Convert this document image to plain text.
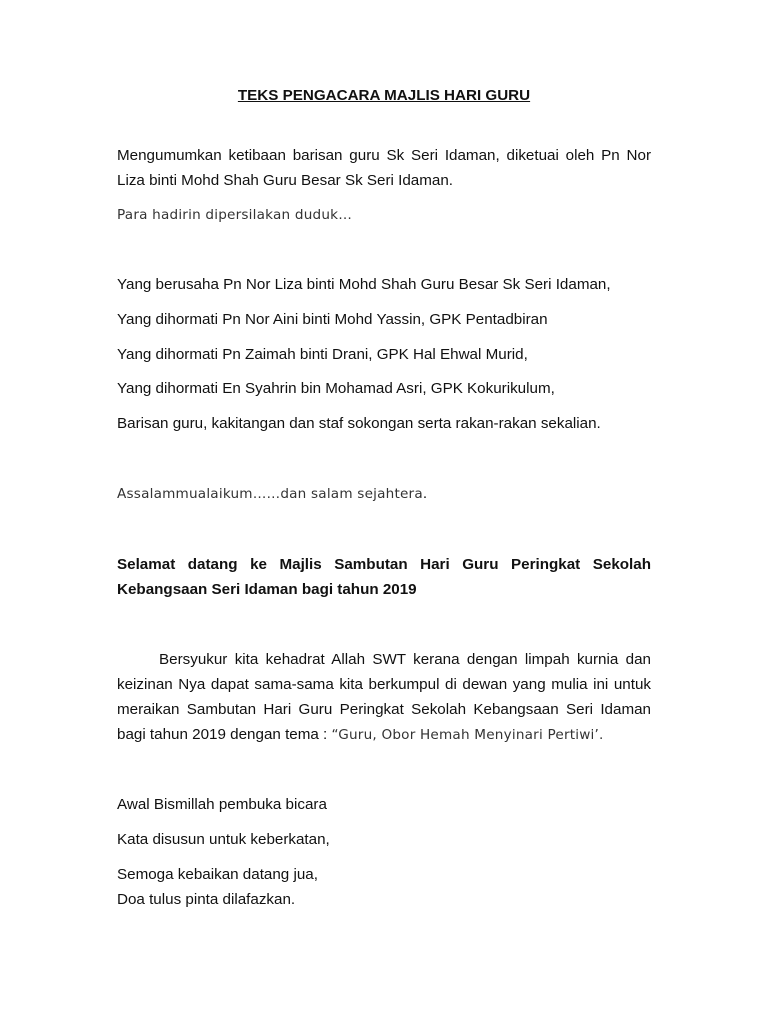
TEKS PENGACARA MAJLIS HARI GURU
Mengumumkan ketibaan barisan guru Sk Seri Idaman, diketuai oleh Pn Nor
Liza binti Mohd Shah Guru Besar Sk Seri Idaman.
Para hadirin dipersilakan duduk…
Yang berusaha Pn Nor Liza binti Mohd Shah Guru Besar Sk Seri Idaman,
Yang dihormati Pn Nor Aini binti Mohd Yassin, GPK Pentadbiran
Yang dihormati Pn Zaimah binti Drani, GPK Hal Ehwal Murid,
Yang dihormati En Syahrin bin Mohamad Asri, GPK Kokurikulum,
Barisan guru, kakitangan dan staf sokongan serta rakan-rakan sekalian.
Assalammualaikum……dan salam sejahtera.
Selamat datang ke Majlis Sambutan Hari Guru Peringkat Sekolah
Kebangsaan Seri Idaman bagi tahun 2019
Bersyukur kita kehadrat Allah SWT kerana dengan limpah kurnia dan
keizinan Nya dapat sama-sama kita berkumpul di dewan yang mulia ini untuk
meraikan Sambutan Hari Guru Peringkat Sekolah Kebangsaan Seri Idaman
bagi tahun 2019 dengan tema : “Guru, Obor Hemah Menyinari Pertiwi’.
Awal Bismillah pembuka bicara
Kata disusun untuk keberkatan,
Semoga kebaikan datang jua,
Doa tulus pinta dilafazkan.
